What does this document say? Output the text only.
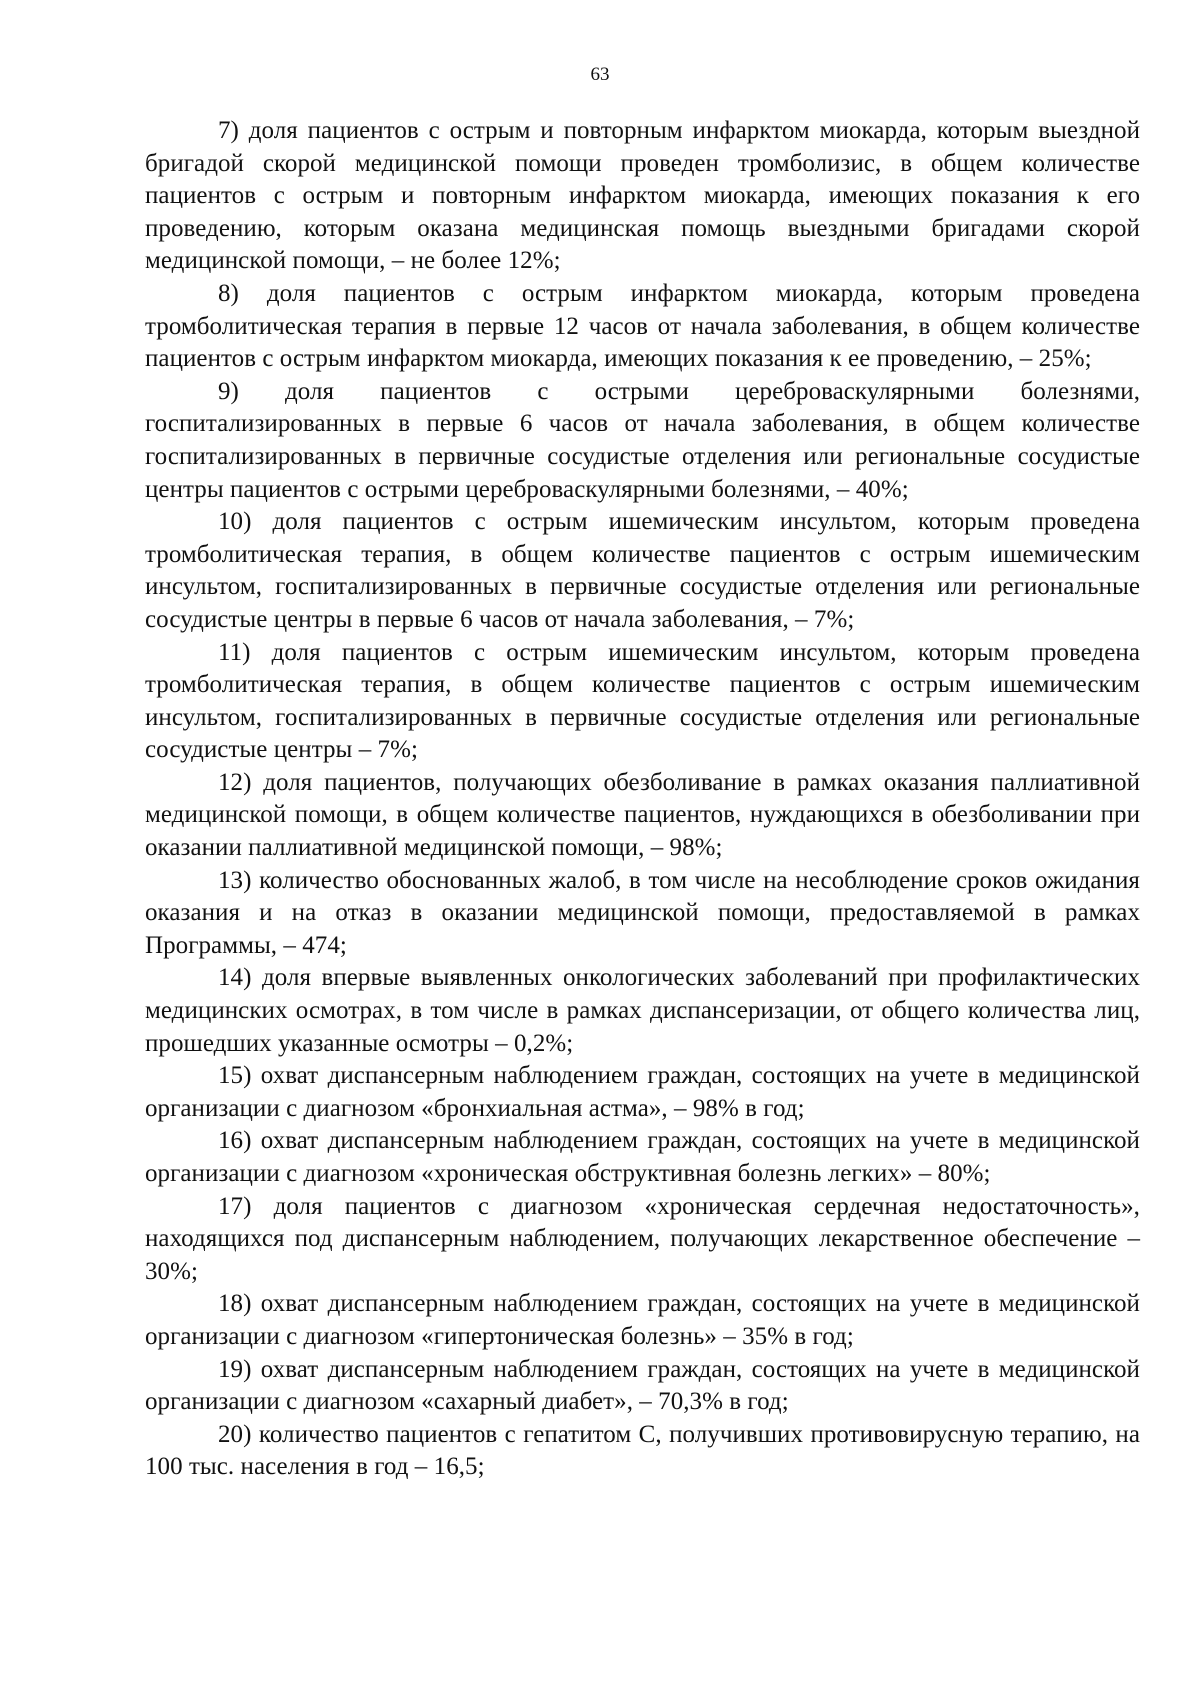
63

7) доля пациентов с острым и повторным инфарктом миокарда, которым выездной бригадой скорой медицинской помощи проведен тромболизис, в общем количестве пациентов с острым и повторным инфарктом миокарда, имеющих показания к его проведению, которым оказана медицинская помощь выездными бригадами скорой медицинской помощи, – не более 12%;

8) доля пациентов с острым инфарктом миокарда, которым проведена тромболитическая терапия в первые 12 часов от начала заболевания, в общем количестве пациентов с острым инфарктом миокарда, имеющих показания к ее проведению, – 25%;

9) доля пациентов с острыми цереброваскулярными болезнями, госпитализированных в первые 6 часов от начала заболевания, в общем количестве госпитализированных в первичные сосудистые отделения или региональные сосудистые центры пациентов с острыми цереброваскулярными болезнями, – 40%;

10) доля пациентов с острым ишемическим инсультом, которым проведена тромболитическая терапия, в общем количестве пациентов с острым ишемическим инсультом, госпитализированных в первичные сосудистые отделения или региональные сосудистые центры в первые 6 часов от начала заболевания, – 7%;

11) доля пациентов с острым ишемическим инсультом, которым проведена тромболитическая терапия, в общем количестве пациентов с острым ишемическим инсультом, госпитализированных в первичные сосудистые отделения или региональные сосудистые центры – 7%;

12) доля пациентов, получающих обезболивание в рамках оказания паллиативной медицинской помощи, в общем количестве пациентов, нуждающихся в обезболивании при оказании паллиативной медицинской помощи, – 98%;

13) количество обоснованных жалоб, в том числе на несоблюдение сроков ожидания оказания и на отказ в оказании медицинской помощи, предоставляемой в рамках Программы, – 474;

14) доля впервые выявленных онкологических заболеваний при профилактических медицинских осмотрах, в том числе в рамках диспансеризации, от общего количества лиц, прошедших указанные осмотры – 0,2%;

15) охват диспансерным наблюдением граждан, состоящих на учете в медицинской организации с диагнозом «бронхиальная астма», – 98% в год;

16) охват диспансерным наблюдением граждан, состоящих на учете в медицинской организации с диагнозом «хроническая обструктивная болезнь легких» – 80%;

17) доля пациентов с диагнозом «хроническая сердечная недостаточность», находящихся под диспансерным наблюдением, получающих лекарственное обеспечение – 30%;

18) охват диспансерным наблюдением граждан, состоящих на учете в медицинской организации с диагнозом «гипертоническая болезнь» – 35% в год;

19) охват диспансерным наблюдением граждан, состоящих на учете в медицинской организации с диагнозом «сахарный диабет», – 70,3% в год;

20) количество пациентов с гепатитом С, получивших противовирусную терапию, на 100 тыс. населения в год – 16,5;
